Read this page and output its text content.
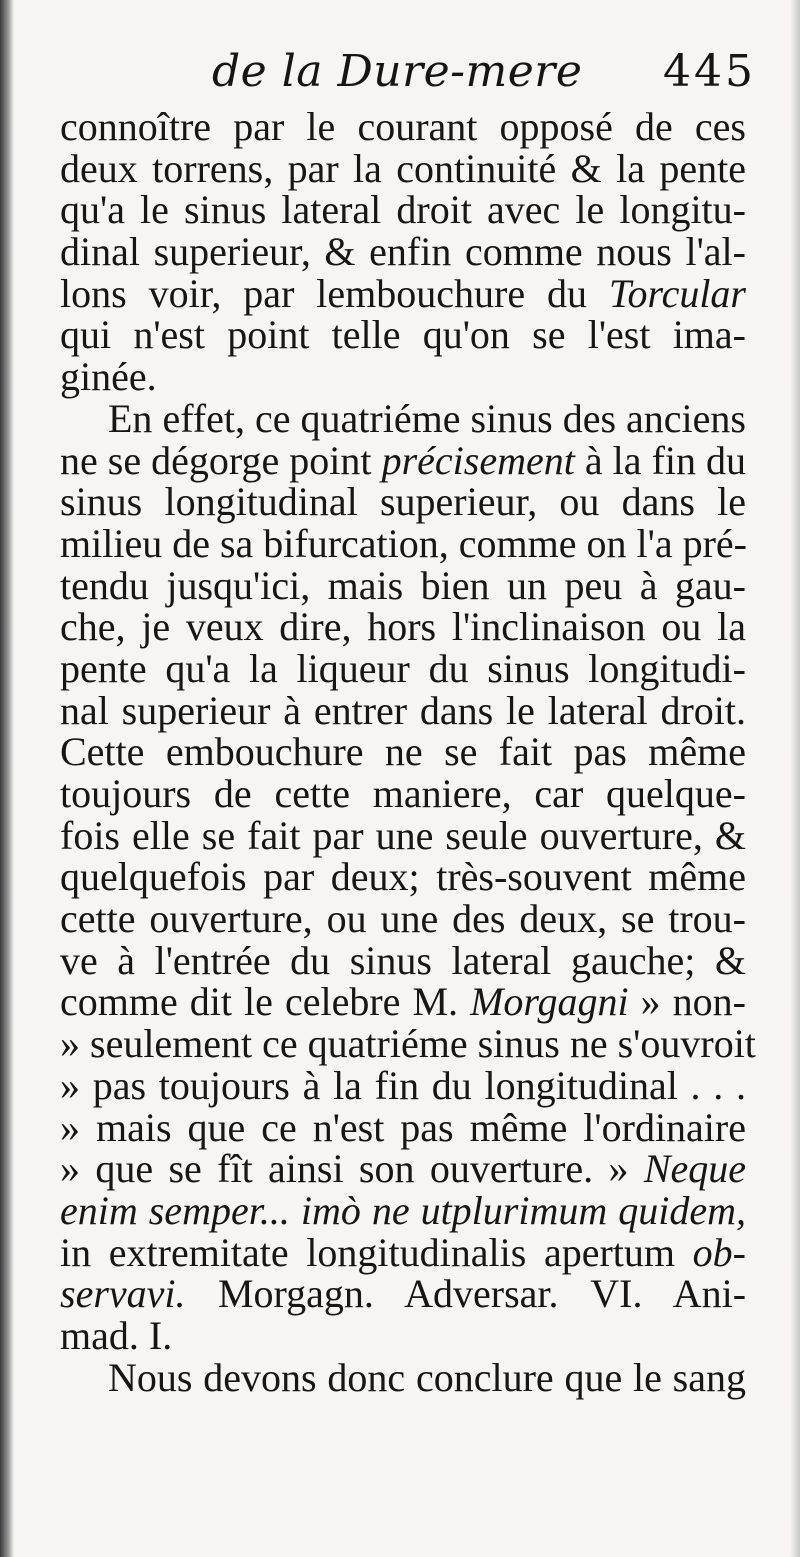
de la Dure-mere 445
connoître par le courant opposé de ces
deux torrens, par la continuité & la pente
qu'a le sinus lateral droit avec le longitu-
dinal superieur, & enfin comme nous l'al-
lons voir, par lembouchure du Torcular
qui n'est point telle qu'on se l'est ima-
ginée.
En effet, ce quatriéme sinus des anciens
ne se dégorge point précisement à la fin du
sinus longitudinal superieur, ou dans le
milieu de sa bifurcation, comme on l'a pré-
tendu jusqu'ici, mais bien un peu à gau-
che, je veux dire, hors l'inclinaison ou la
pente qu'a la liqueur du sinus longitudi-
nal superieur à entrer dans le lateral droit.
Cette embouchure ne se fait pas même
toujours de cette maniere, car quelque-
fois elle se fait par une seule ouverture, &
quelquefois par deux; très-souvent même
cette ouverture, ou une des deux, se trou-
ve à l'entrée du sinus lateral gauche; &
comme dit le celebre M. Morgagni » non-
» seulement ce quatriéme sinus ne s'ouvroit
» pas toujours à la fin du longitudinal . . .
» mais que ce n'est pas même l'ordinaire
» que se fît ainsi son ouverture. » Neque
enim semper... imò ne utplurimum quidem,
in extremitate longitudinalis apertum ob-
servavi. Morgagn. Adversar. VI. Ani-
mad. I.
Nous devons donc conclure que le sang
